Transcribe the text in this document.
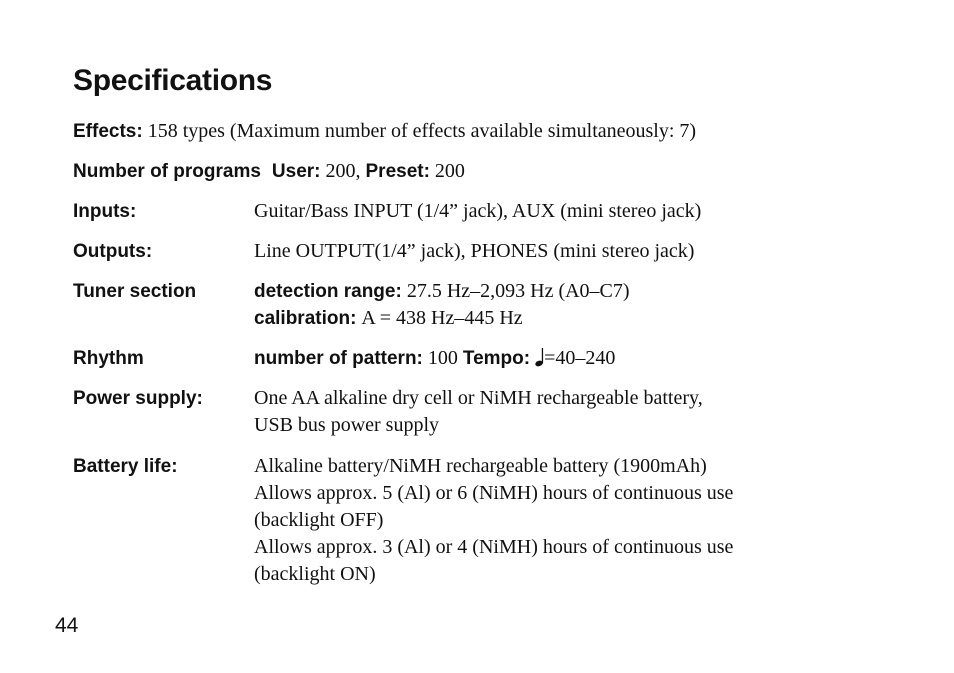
Specifications
Effects: 158 types (Maximum number of effects available simultaneously: 7)
Number of programs User: 200, Preset: 200
Inputs:	Guitar/Bass INPUT (1/4” jack), AUX (mini stereo jack)
Outputs:	Line OUTPUT(1/4” jack), PHONES (mini stereo jack)
Tuner section	detection range: 27.5 Hz–2,093 Hz (A0–C7)
calibration: A = 438 Hz–445 Hz
Rhythm	number of pattern: 100 Tempo: =40–240
Power supply:	One AA alkaline dry cell or NiMH rechargeable battery,
USB bus power supply
Battery life:	Alkaline battery/NiMH rechargeable battery (1900mAh)
Allows approx. 5 (Al) or 6 (NiMH) hours of continuous use
(backlight OFF)
Allows approx. 3 (Al) or 4 (NiMH) hours of continuous use
(backlight ON)
44
